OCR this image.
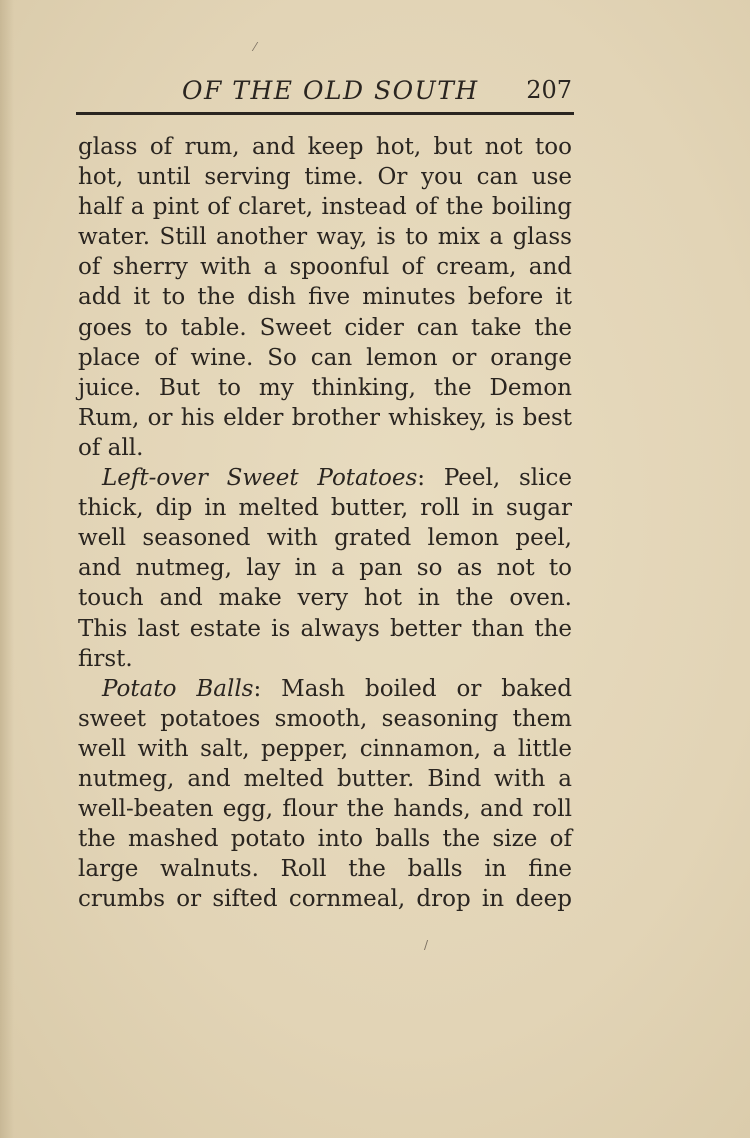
OF THE OLD SOUTH 207
glass of rum, and keep hot, but not too
hot, until serving time. Or you can use
half a pint of claret, instead of the boiling
water. Still another way, is to mix a glass
of sherry with a spoonful of cream, and
add it to the dish five minutes before it
goes to table. Sweet cider can take the
place of wine. So can lemon or orange
juice. But to my thinking, the Demon
Rum, or his elder brother whiskey, is best
of all.
Left-over Sweet Potatoes: Peel, slice
thick, dip in melted butter, roll in sugar
well seasoned with grated lemon peel,
and nutmeg, lay in a pan so as not to
touch and make very hot in the oven.
This last estate is always better than the
first.
Potato Balls: Mash boiled or baked
sweet potatoes smooth, seasoning them
well with salt, pepper, cinnamon, a little
nutmeg, and melted butter. Bind with a
well-beaten egg, flour the hands, and roll
the mashed potato into balls the size of
large walnuts. Roll the balls in fine
crumbs or sifted cornmeal, drop in deep
⁄
/
